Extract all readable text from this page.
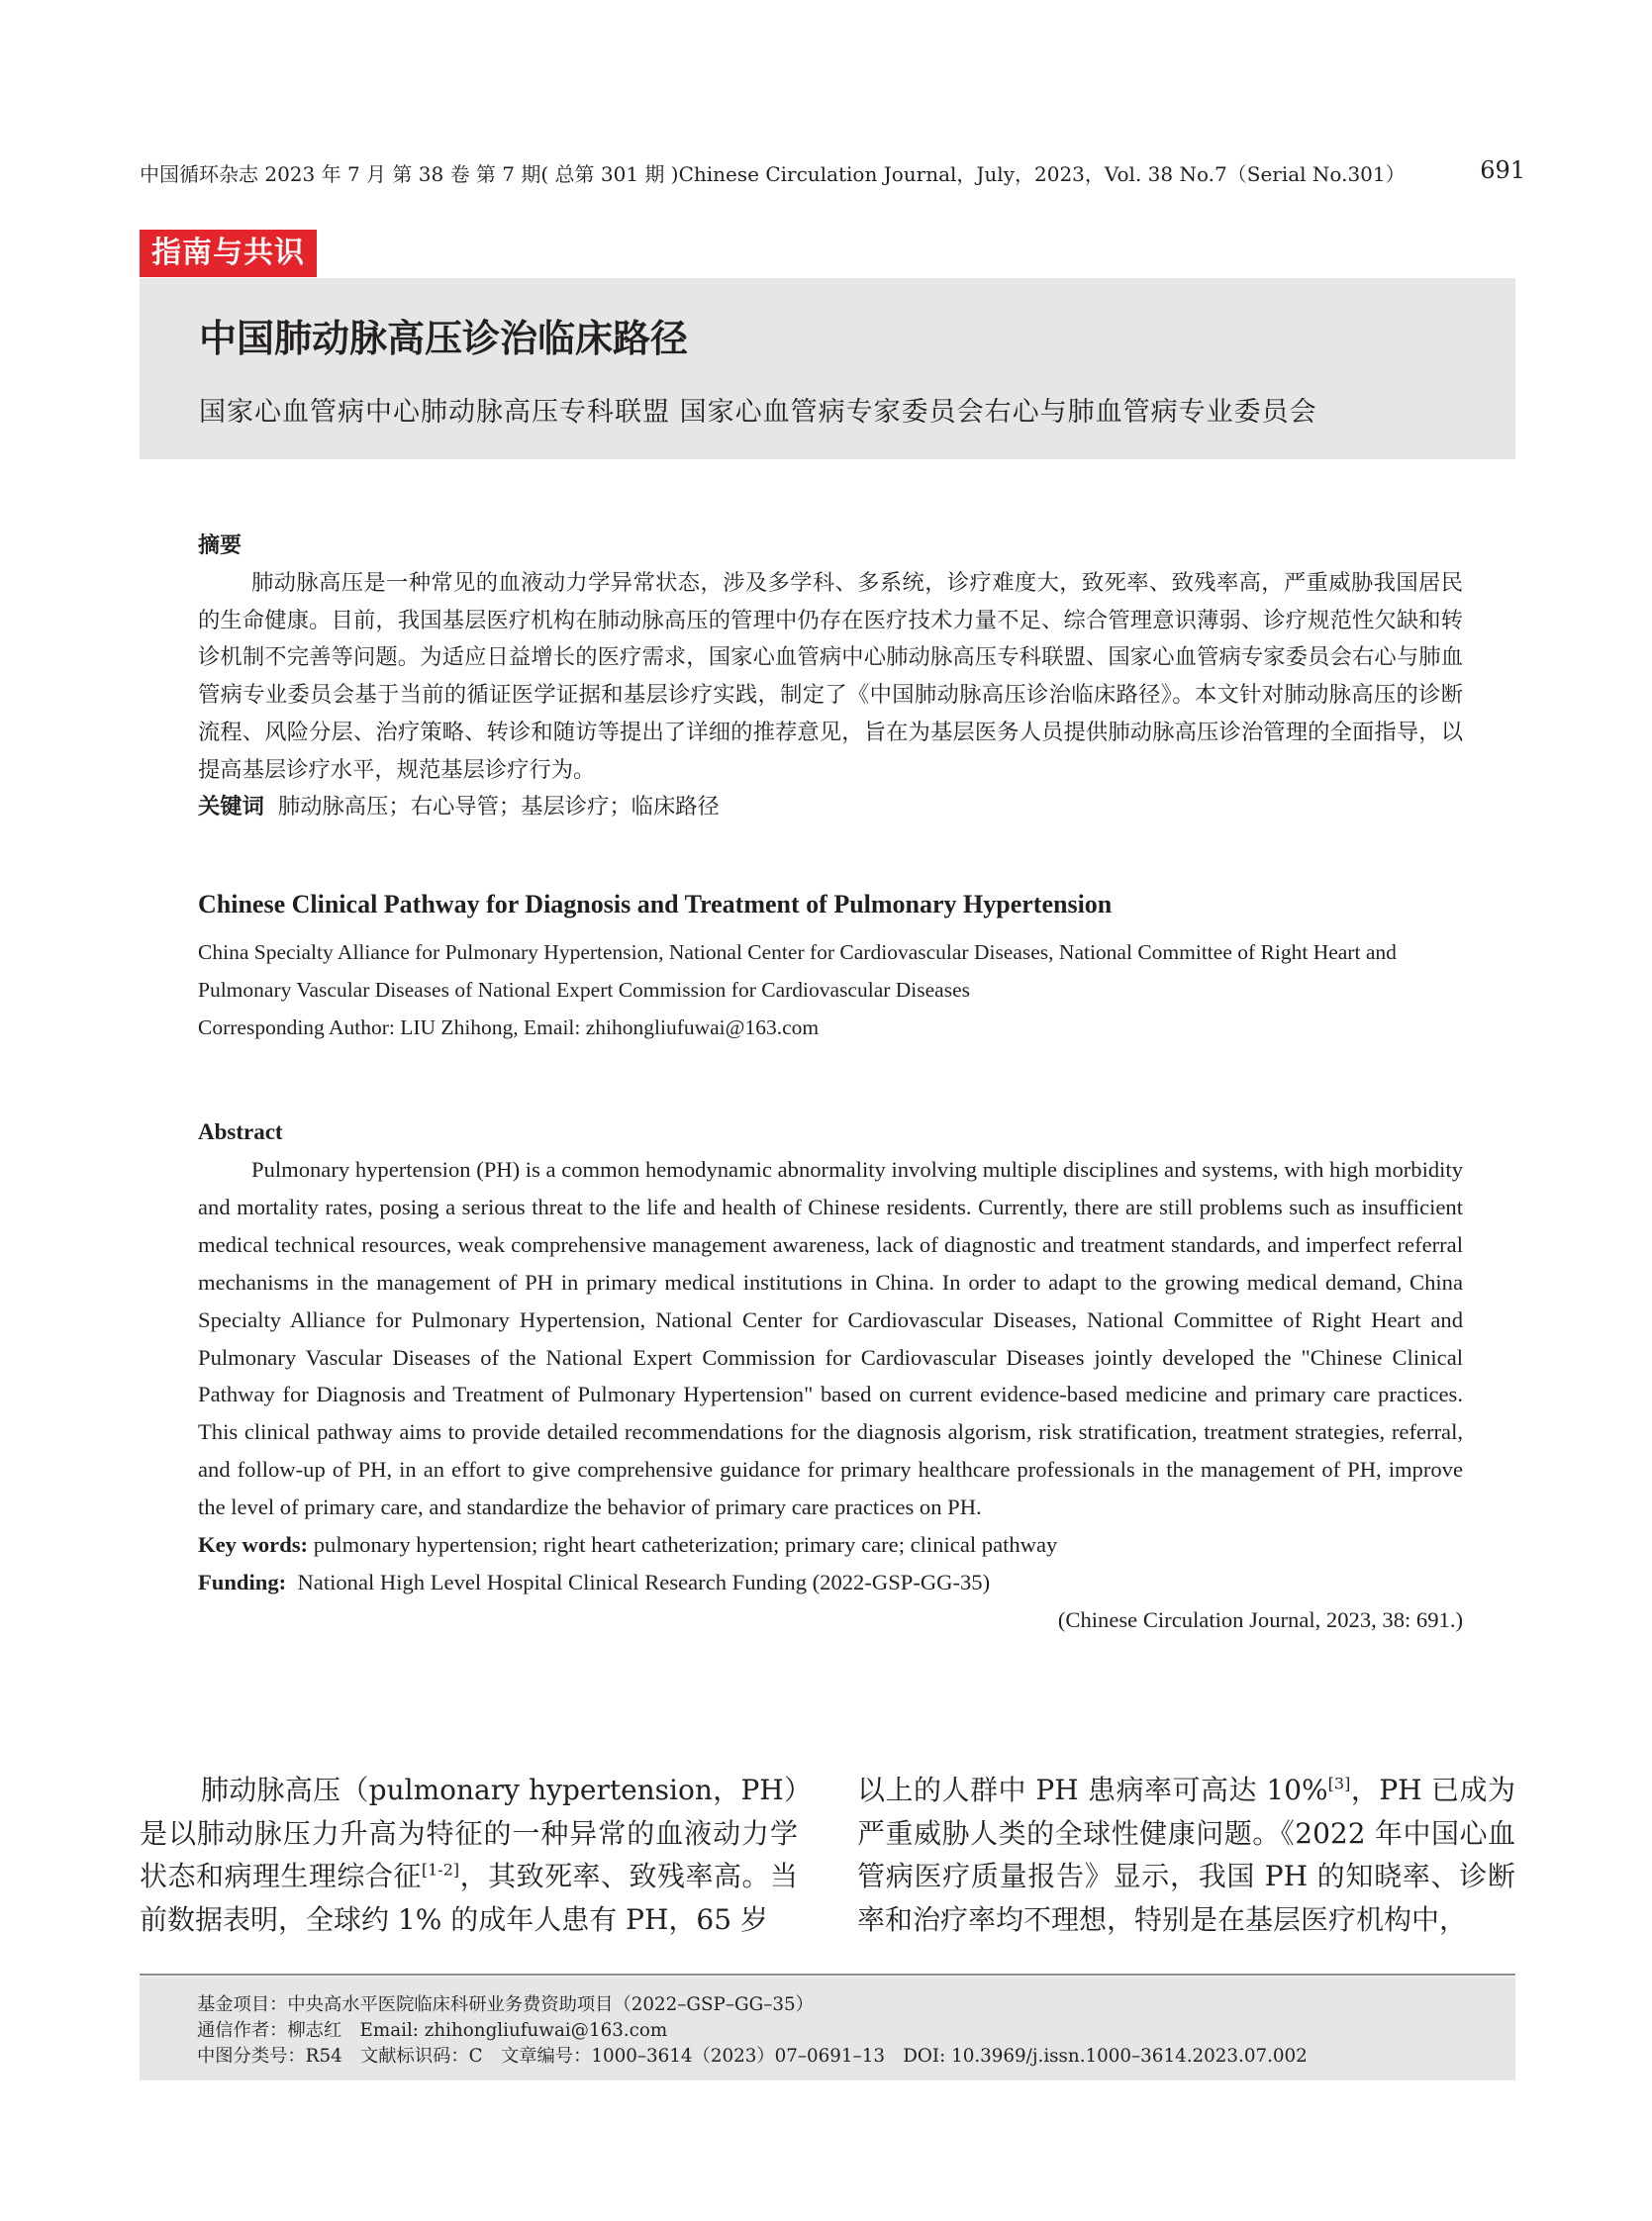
中国循环杂志 2023 年 7 月 第 38 卷 第 7 期( 总第 301 期 )Chinese Circulation Journal，July，2023，Vol. 38 No.7（Serial No.301）	691
指南与共识
中国肺动脉高压诊治临床路径
国家心血管病中心肺动脉高压专科联盟 国家心血管病专家委员会右心与肺血管病专业委员会
摘要

肺动脉高压是一种常见的血液动力学异常状态，涉及多学科、多系统，诊疗难度大，致死率、致残率高，严重威胁我国居民的生命健康。目前，我国基层医疗机构在肺动脉高压的管理中仍存在医疗技术力量不足、综合管理意识薄弱、诊疗规范性欠缺和转诊机制不完善等问题。为适应日益增长的医疗需求，国家心血管病中心肺动脉高压专科联盟、国家心血管病专家委员会右心与肺血管病专业委员会基于当前的循证医学证据和基层诊疗实践，制定了《中国肺动脉高压诊治临床路径》。本文针对肺动脉高压的诊断流程、风险分层、治疗策略、转诊和随访等提出了详细的推荐意见，旨在为基层医务人员提供肺动脉高压诊治管理的全面指导，以提高基层诊疗水平，规范基层诊疗行为。

关键词 肺动脉高压；右心导管；基层诊疗；临床路径

Chinese Clinical Pathway for Diagnosis and Treatment of Pulmonary Hypertension

China Specialty Alliance for Pulmonary Hypertension, National Center for Cardiovascular Diseases, National Committee of Right Heart and Pulmonary Vascular Diseases of National Expert Commission for Cardiovascular Diseases

Corresponding Author: LIU Zhihong, Email: zhihongliufuwai@163.com
Abstract

Pulmonary hypertension (PH) is a common hemodynamic abnormality involving multiple disciplines and systems, with high morbidity and mortality rates, posing a serious threat to the life and health of Chinese residents. Currently, there are still problems such as insufficient medical technical resources, weak comprehensive management awareness, lack of diagnostic and treatment standards, and imperfect referral mechanisms in the management of PH in primary medical institutions in China. In order to adapt to the growing medical demand, China Specialty Alliance for Pulmonary Hypertension, National Center for Cardiovascular Diseases, National Committee of Right Heart and Pulmonary Vascular Diseases of the National Expert Commission for Cardiovascular Diseases jointly developed the "Chinese Clinical Pathway for Diagnosis and Treatment of Pulmonary Hypertension" based on current evidence-based medicine and primary care practices. This clinical pathway aims to provide detailed recommendations for the diagnosis algorism, risk stratification, treatment strategies, referral, and follow-up of PH, in an effort to give comprehensive guidance for primary healthcare professionals in the management of PH, improve the level of primary care, and standardize the behavior of primary care practices on PH.

Key words: pulmonary hypertension; right heart catheterization; primary care; clinical pathway

Funding: National High Level Hospital Clinical Research Funding (2022-GSP-GG-35)

(Chinese Circulation Journal, 2023, 38: 691.)

肺动脉高压（pulmonary hypertension，PH）是以肺动脉压力升高为特征的一种异常的血液动力学状态和病理生理综合征[1-2]，其致死率、致残率高。当前数据表明，全球约 1% 的成年人患有 PH，65 岁

以上的人群中 PH 患病率可高达 10%[3]，PH 已成为严重威胁人类的全球性健康问题。《2022 年中国心血管病医疗质量报告》显示，我国 PH 的知晓率、诊断率和治疗率均不理想，特别是在基层医疗机构中，

基金项目：中央高水平医院临床科研业务费资助项目（2022–GSP–GG–35）
通信作者：柳志红　Email: zhihongliufuwai@163.com
中图分类号：R54　文献标识码：C　文章编号：1000–3614（2023）07–0691–13　DOI: 10.3969/j.issn.1000–3614.2023.07.002
